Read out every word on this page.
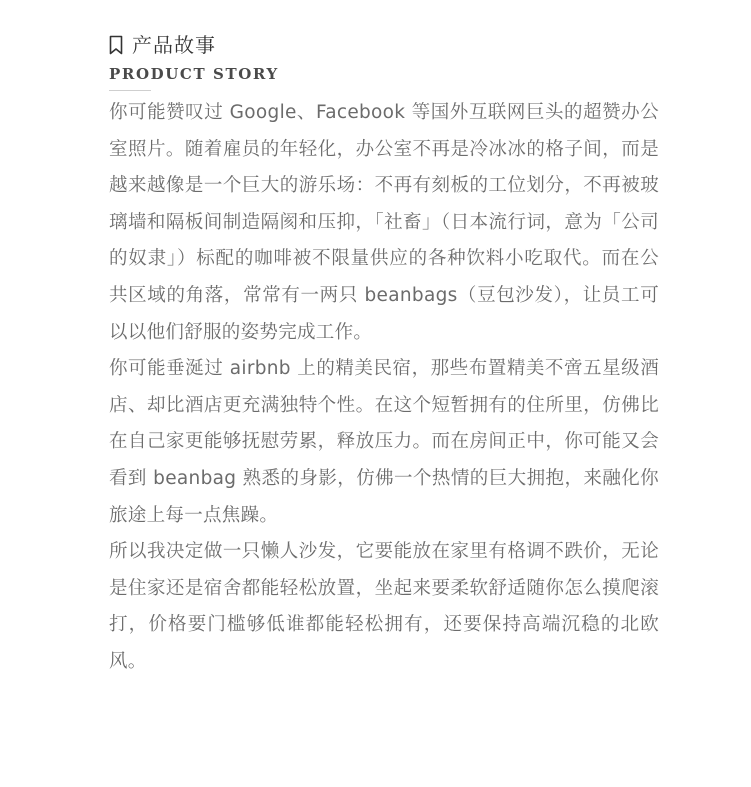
产品故事
PRODUCT STORY

你可能赞叹过 Google、Facebook 等国外互联网巨头的超赞办公室照片。随着雇员的年轻化，办公室不再是冷冰冰的格子间，而是越来越像是一个巨大的游乐场：不再有刻板的工位划分，不再被玻璃墙和隔板间制造隔阂和压抑，「社畜」（日本流行词，意为「公司的奴隶」）标配的咖啡被不限量供应的各种饮料小吃取代。而在公共区域的角落，常常有一两只 beanbags（豆包沙发），让员工可以以他们舒服的姿势完成工作。

你可能垂涎过 airbnb 上的精美民宿，那些布置精美不啻五星级酒店、却比酒店更充满独特个性。在这个短暂拥有的住所里，仿佛比在自己家更能够抚慰劳累，释放压力。而在房间正中，你可能又会看到 beanbag 熟悉的身影，仿佛一个热情的巨大拥抱，来融化你旅途上每一点焦躁。

所以我决定做一只懒人沙发，它要能放在家里有格调不跌价，无论是住家还是宿舍都能轻松放置，坐起来要柔软舒适随你怎么摸爬滚打，价格要门槛够低谁都能轻松拥有，还要保持高端沉稳的北欧风。
